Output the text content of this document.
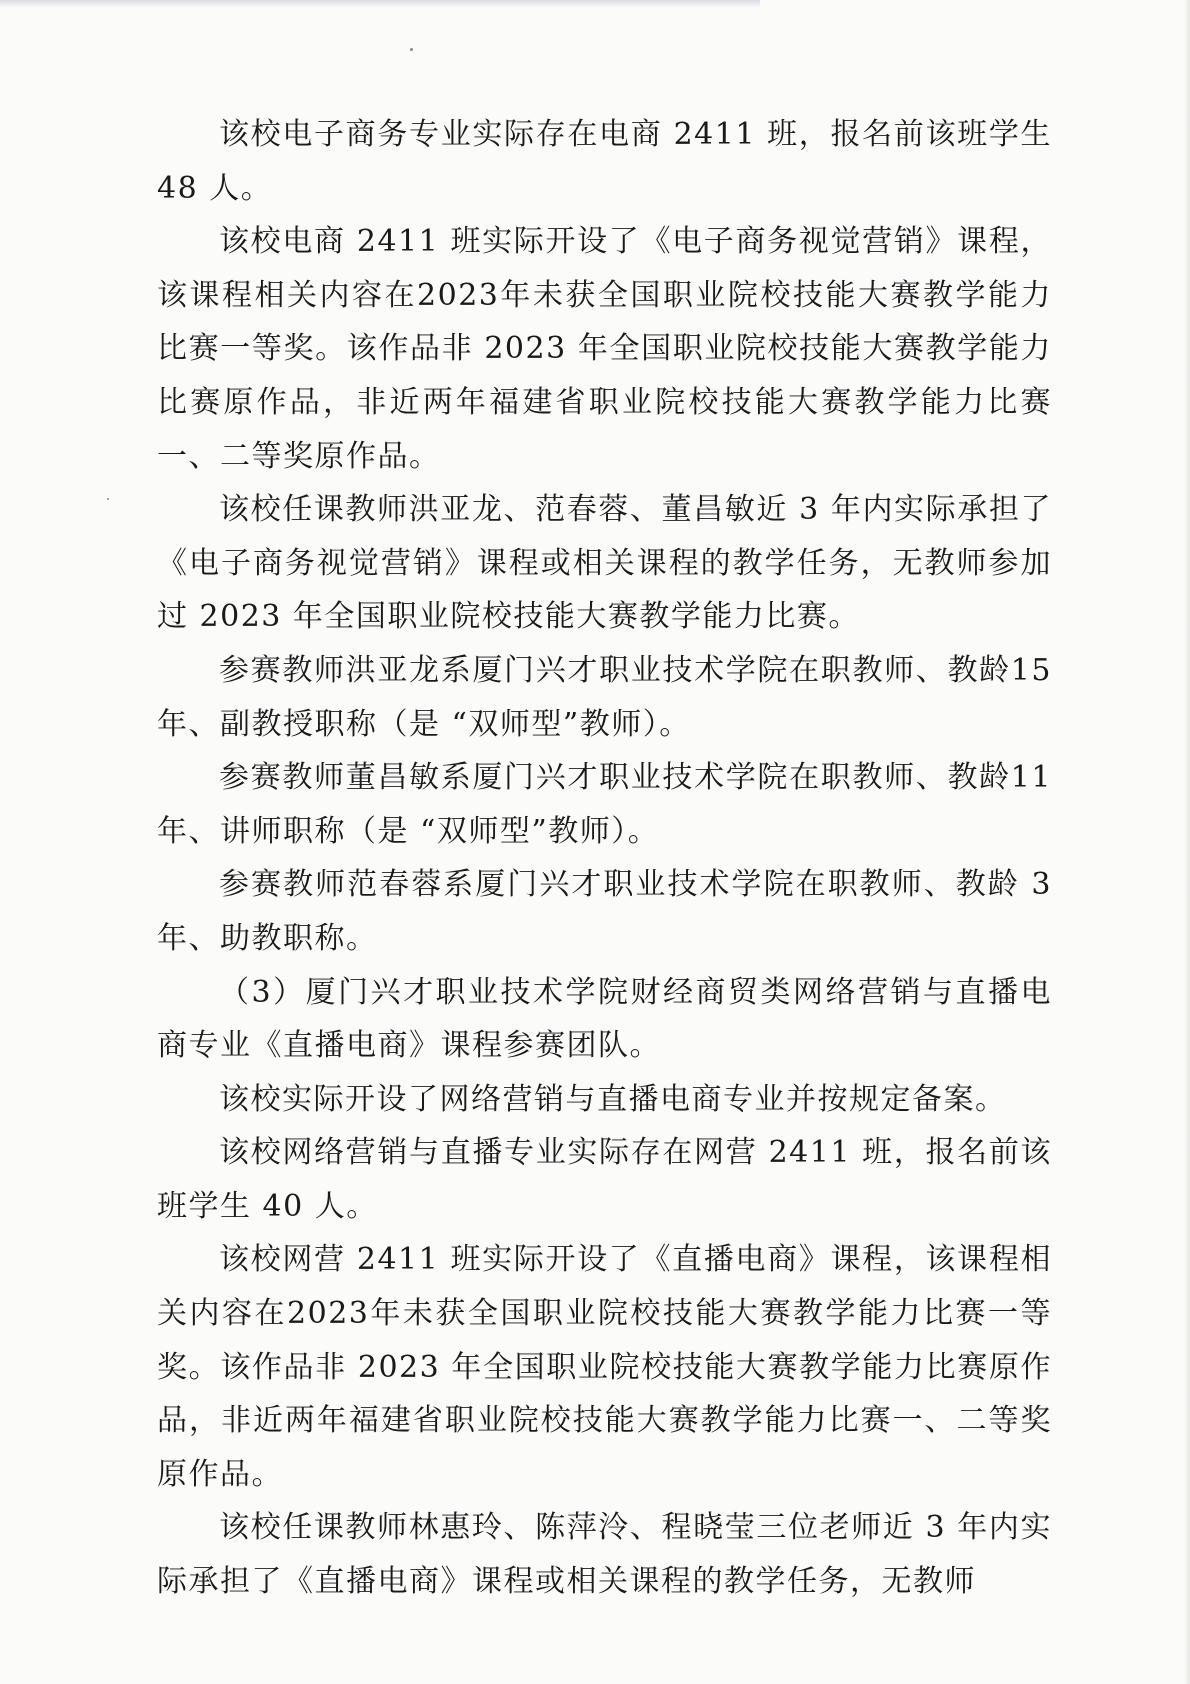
该校电子商务专业实际存在电商 2411 班，报名前该班学生48 人。

该校电商 2411 班实际开设了《电子商务视觉营销》课程，该课程相关内容在2023年未获全国职业院校技能大赛教学能力比赛一等奖。该作品非 2023 年全国职业院校技能大赛教学能力比赛原作品，非近两年福建省职业院校技能大赛教学能力比赛一、二等奖原作品。

该校任课教师洪亚龙、范春蓉、董昌敏近 3 年内实际承担了《电子商务视觉营销》课程或相关课程的教学任务，无教师参加过 2023 年全国职业院校技能大赛教学能力比赛。

参赛教师洪亚龙系厦门兴才职业技术学院在职教师、教龄15 年、副教授职称（是 “双师型”教师）。

参赛教师董昌敏系厦门兴才职业技术学院在职教师、教龄11 年、讲师职称（是 “双师型”教师）。

参赛教师范春蓉系厦门兴才职业技术学院在职教师、教龄 3年、助教职称。

（3）厦门兴才职业技术学院财经商贸类网络营销与直播电商专业《直播电商》课程参赛团队。

该校实际开设了网络营销与直播电商专业并按规定备案。

该校网络营销与直播专业实际存在网营 2411 班，报名前该班学生 40 人。

该校网营 2411 班实际开设了《直播电商》课程，该课程相关内容在2023年未获全国职业院校技能大赛教学能力比赛一等奖。该作品非 2023 年全国职业院校技能大赛教学能力比赛原作品，非近两年福建省职业院校技能大赛教学能力比赛一、二等奖原作品。

该校任课教师林惠玲、陈萍泠、程晓莹三位老师近 3 年内实际承担了《直播电商》课程或相关课程的教学任务，无教师
